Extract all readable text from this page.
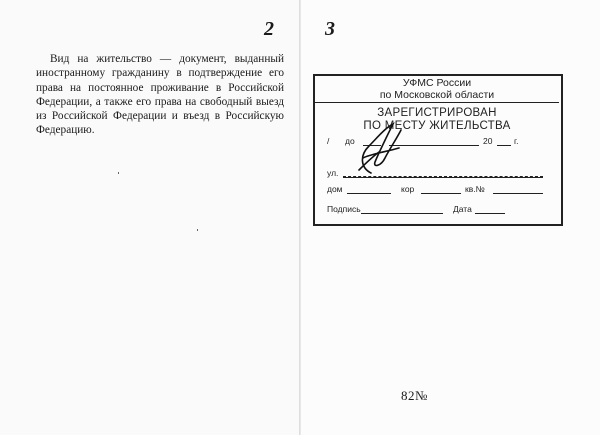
2
Вид на жительство — документ, выданный иностранному гражданину в подтверждение его права на постоянное проживание в Российской Федерации, а также его права на свободный выезд из Российской Федерации и въезд в Российскую Федерацию.
3
УФМС России
по Московской области
ЗАРЕГИСТРИРОВАН
ПО МЕСТУ ЖИТЕЛЬСТВА
/ до	20	г.
ул.
дом	кор	кв.№
Подпись	Дата
82№
